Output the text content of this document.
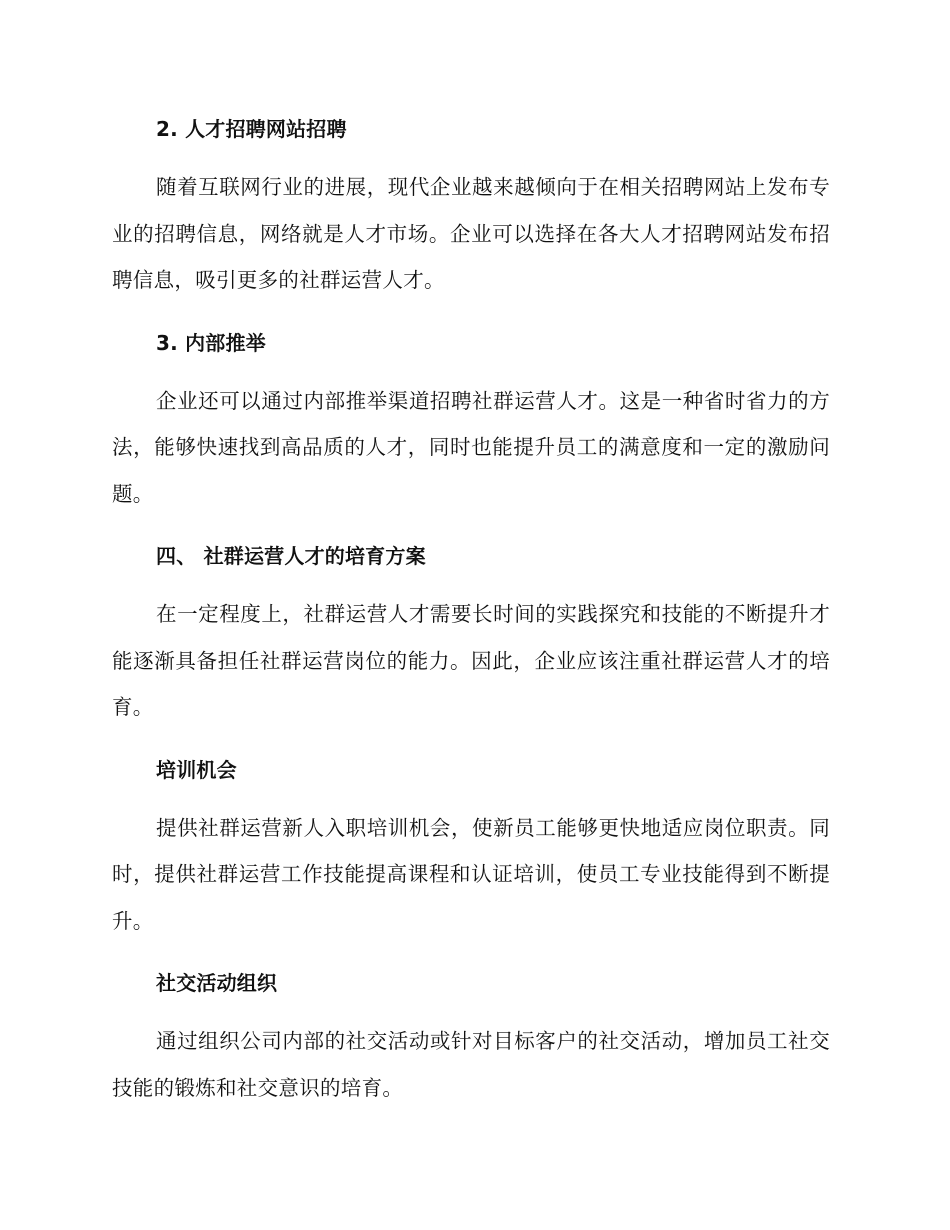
2. 人才招聘网站招聘

随着互联网行业的进展，现代企业越来越倾向于在相关招聘网站上发布专业的招聘信息，网络就是人才市场。企业可以选择在各大人才招聘网站发布招聘信息，吸引更多的社群运营人才。

3. 内部推举

企业还可以通过内部推举渠道招聘社群运营人才。这是一种省时省力的方法，能够快速找到高品质的人才，同时也能提升员工的满意度和一定的激励问题。

四、 社群运营人才的培育方案

在一定程度上，社群运营人才需要长时间的实践探究和技能的不断提升才能逐渐具备担任社群运营岗位的能力。因此，企业应该注重社群运营人才的培育。

培训机会

提供社群运营新人入职培训机会，使新员工能够更快地适应岗位职责。同时，提供社群运营工作技能提高课程和认证培训，使员工专业技能得到不断提升。

社交活动组织

通过组织公司内部的社交活动或针对目标客户的社交活动，增加员工社交技能的锻炼和社交意识的培育。
